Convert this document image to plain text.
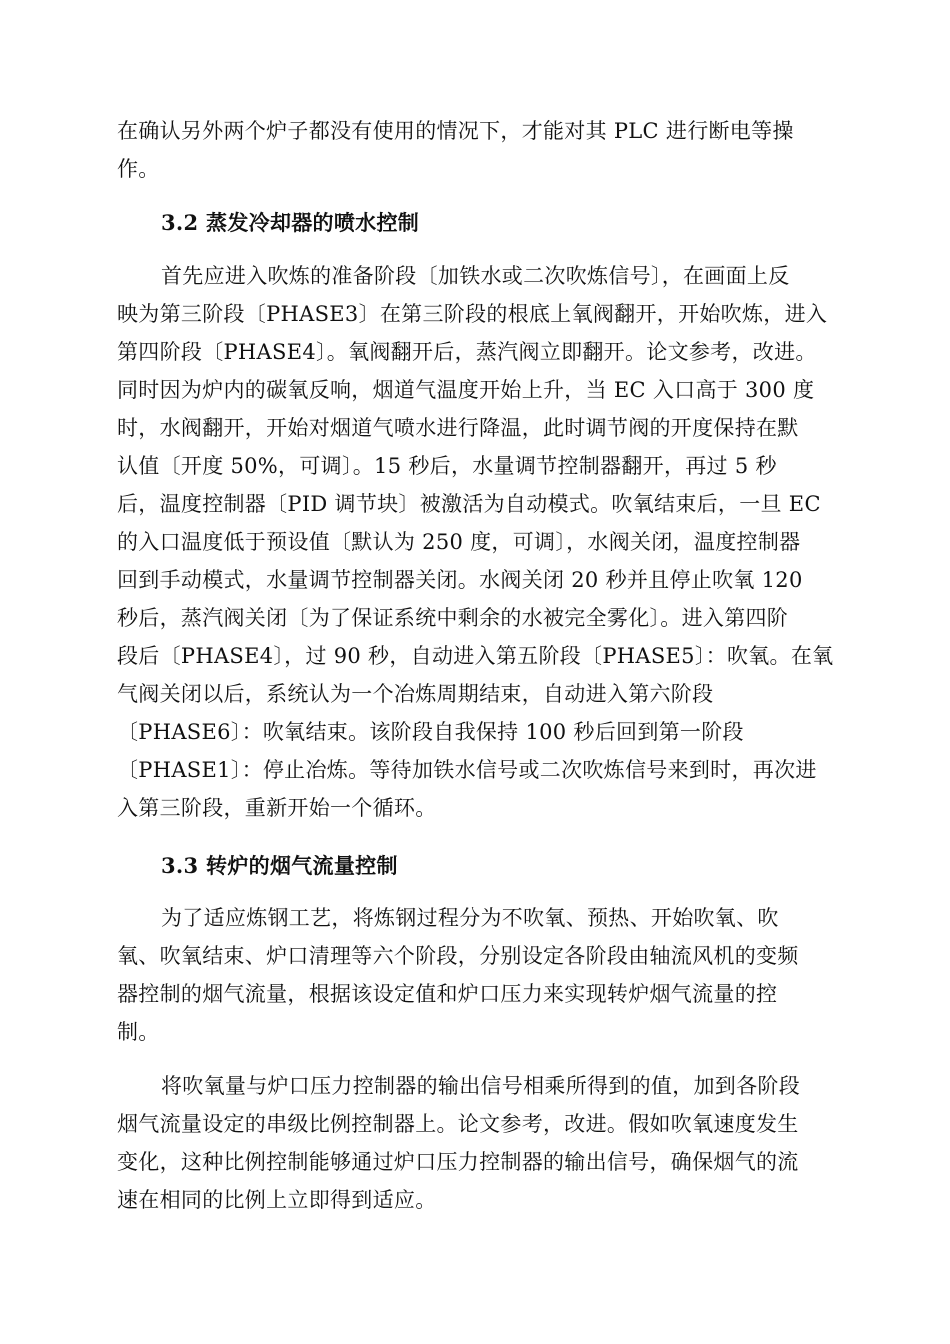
在确认另外两个炉子都没有使用的情况下，才能对其 PLC 进行断电等操
作。

3.2 蒸发冷却器的喷水控制

首先应进入吹炼的准备阶段〔加铁水或二次吹炼信号〕，在画面上反
映为第三阶段〔PHASE3〕在第三阶段的根底上氧阀翻开，开始吹炼，进入
第四阶段〔PHASE4〕。氧阀翻开后，蒸汽阀立即翻开。论文参考，改进。
同时因为炉内的碳氧反响，烟道气温度开始上升，当 EC 入口高于 300 度
时，水阀翻开，开始对烟道气喷水进行降温，此时调节阀的开度保持在默
认值〔开度 50%，可调〕。15 秒后，水量调节控制器翻开，再过 5 秒
后，温度控制器〔PID 调节块〕被激活为自动模式。吹氧结束后，一旦 EC
的入口温度低于预设值〔默认为 250 度，可调〕，水阀关闭，温度控制器
回到手动模式，水量调节控制器关闭。水阀关闭 20 秒并且停止吹氧 120
秒后，蒸汽阀关闭〔为了保证系统中剩余的水被完全雾化〕。进入第四阶
段后〔PHASE4〕，过 90 秒，自动进入第五阶段〔PHASE5〕：吹氧。在氧
气阀关闭以后，系统认为一个冶炼周期结束，自动进入第六阶段
〔PHASE6〕：吹氧结束。该阶段自我保持 100 秒后回到第一阶段
〔PHASE1〕：停止冶炼。等待加铁水信号或二次吹炼信号来到时，再次进
入第三阶段，重新开始一个循环。

3.3 转炉的烟气流量控制

为了适应炼钢工艺，将炼钢过程分为不吹氧、预热、开始吹氧、吹
氧、吹氧结束、炉口清理等六个阶段，分别设定各阶段由轴流风机的变频
器控制的烟气流量，根据该设定值和炉口压力来实现转炉烟气流量的控
制。

将吹氧量与炉口压力控制器的输出信号相乘所得到的值，加到各阶段
烟气流量设定的串级比例控制器上。论文参考，改进。假如吹氧速度发生
变化，这种比例控制能够通过炉口压力控制器的输出信号，确保烟气的流
速在相同的比例上立即得到适应。
